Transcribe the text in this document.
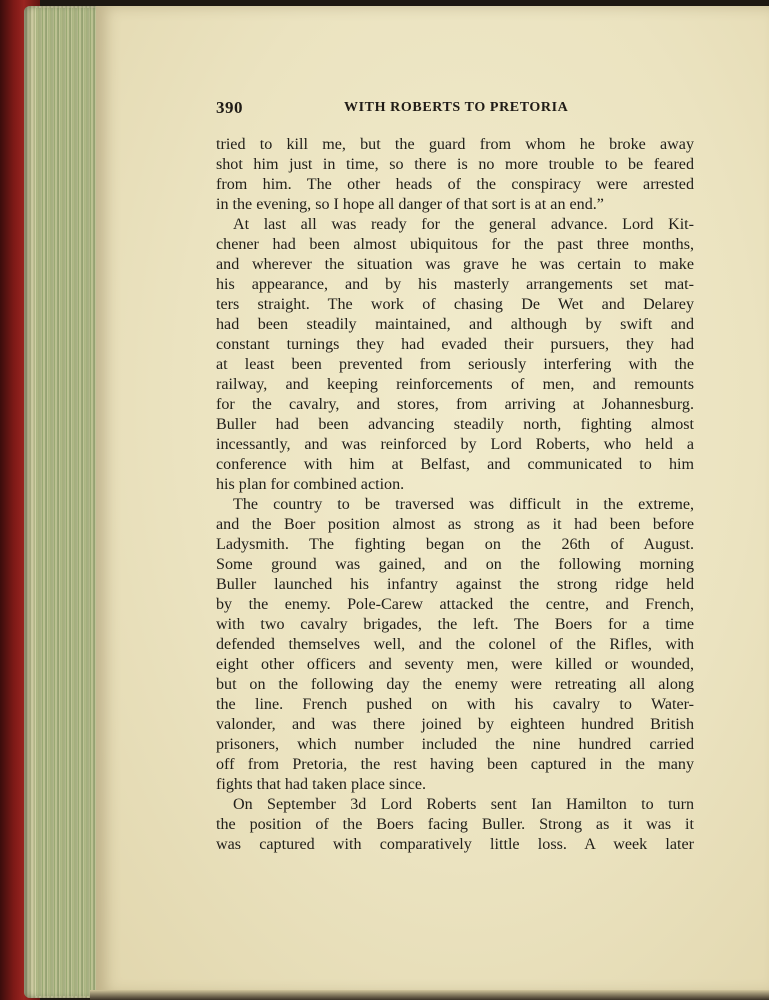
390	WITH ROBERTS TO PRETORIA
tried to kill me, but the guard from whom he broke away
shot him just in time, so there is no more trouble to be feared
from him. The other heads of the conspiracy were arrested
in the evening, so I hope all danger of that sort is at an end.”
At last all was ready for the general advance. Lord Kit-
chener had been almost ubiquitous for the past three months,
and wherever the situation was grave he was certain to make
his appearance, and by his masterly arrangements set mat-
ters straight. The work of chasing De Wet and Delarey
had been steadily maintained, and although by swift and
constant turnings they had evaded their pursuers, they had
at least been prevented from seriously interfering with the
railway, and keeping reinforcements of men, and remounts
for the cavalry, and stores, from arriving at Johannesburg.
Buller had been advancing steadily north, fighting almost
incessantly, and was reinforced by Lord Roberts, who held a
conference with him at Belfast, and communicated to him
his plan for combined action.
The country to be traversed was difficult in the extreme,
and the Boer position almost as strong as it had been before
Ladysmith. The fighting began on the 26th of August.
Some ground was gained, and on the following morning
Buller launched his infantry against the strong ridge held
by the enemy. Pole-Carew attacked the centre, and French,
with two cavalry brigades, the left. The Boers for a time
defended themselves well, and the colonel of the Rifles, with
eight other officers and seventy men, were killed or wounded,
but on the following day the enemy were retreating all along
the line. French pushed on with his cavalry to Water-
valonder, and was there joined by eighteen hundred British
prisoners, which number included the nine hundred carried
off from Pretoria, the rest having been captured in the many
fights that had taken place since.
On September 3d Lord Roberts sent Ian Hamilton to turn
the position of the Boers facing Buller. Strong as it was it
was captured with comparatively little loss. A week later
